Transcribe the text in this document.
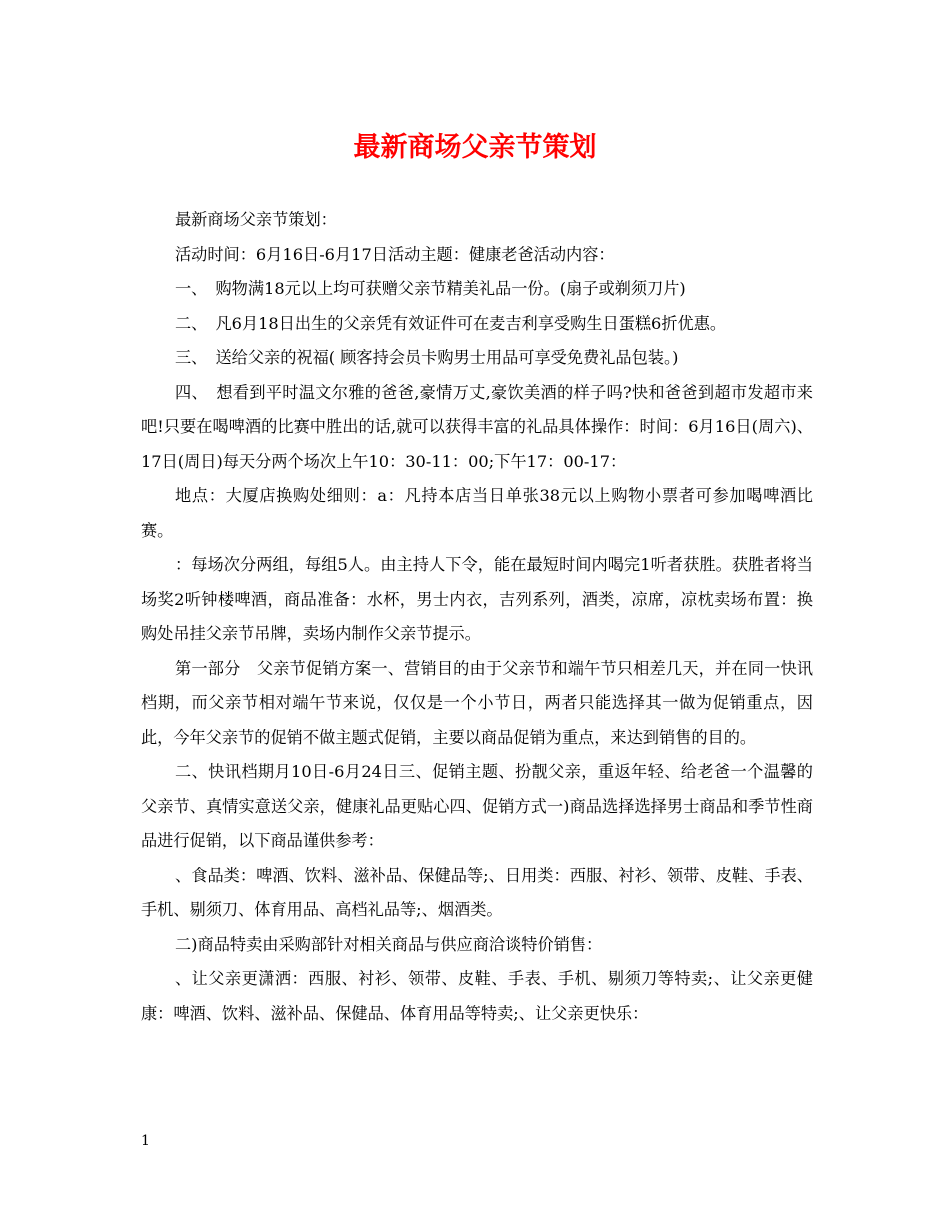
最新商场父亲节策划

最新商场父亲节策划：

活动时间：6月16日-6月17日活动主题：健康老爸活动内容：

一、　购物满18元以上均可获赠父亲节精美礼品一份。(扇子或剃须刀片)

二、　凡6月18日出生的父亲凭有效证件可在麦吉利享受购生日蛋糕6折优惠。

三、　送给父亲的祝福( 顾客持会员卡购男士用品可享受免费礼品包装。)

四、　想看到平时温文尔雅的爸爸,豪情万丈,豪饮美酒的样子吗?快和爸爸到超市发超市来吧!只要在喝啤酒的比赛中胜出的话,就可以获得丰富的礼品具体操作：时间：6月16日(周六)、17日(周日)每天分两个场次上午10：30-11：00;下午17：00-17：

地点：大厦店换购处细则：a：凡持本店当日单张38元以上购物小票者可参加喝啤酒比赛。

：每场次分两组，每组5人。由主持人下令，能在最短时间内喝完1听者获胜。获胜者将当场奖2听钟楼啤酒，商品准备：水杯，男士内衣，吉列系列，酒类，凉席，凉枕卖场布置：换购处吊挂父亲节吊牌，卖场内制作父亲节提示。

第一部分　父亲节促销方案一、营销目的由于父亲节和端午节只相差几天，并在同一快讯档期，而父亲节相对端午节来说，仅仅是一个小节日，两者只能选择其一做为促销重点，因此，今年父亲节的促销不做主题式促销，主要以商品促销为重点，来达到销售的目的。

二、快讯档期月10日-6月24日三、促销主题、扮靓父亲，重返年轻、给老爸一个温馨的父亲节、真情实意送父亲，健康礼品更贴心四、促销方式一)商品选择选择男士商品和季节性商品进行促销，以下商品谨供参考：

、食品类：啤酒、饮料、滋补品、保健品等;、日用类：西服、衬衫、领带、皮鞋、手表、手机、剔须刀、体育用品、高档礼品等;、烟酒类。

二)商品特卖由采购部针对相关商品与供应商洽谈特价销售：

、让父亲更潇洒：西服、衬衫、领带、皮鞋、手表、手机、剔须刀等特卖;、让父亲更健康：啤酒、饮料、滋补品、保健品、体育用品等特卖;、让父亲更快乐：

1
